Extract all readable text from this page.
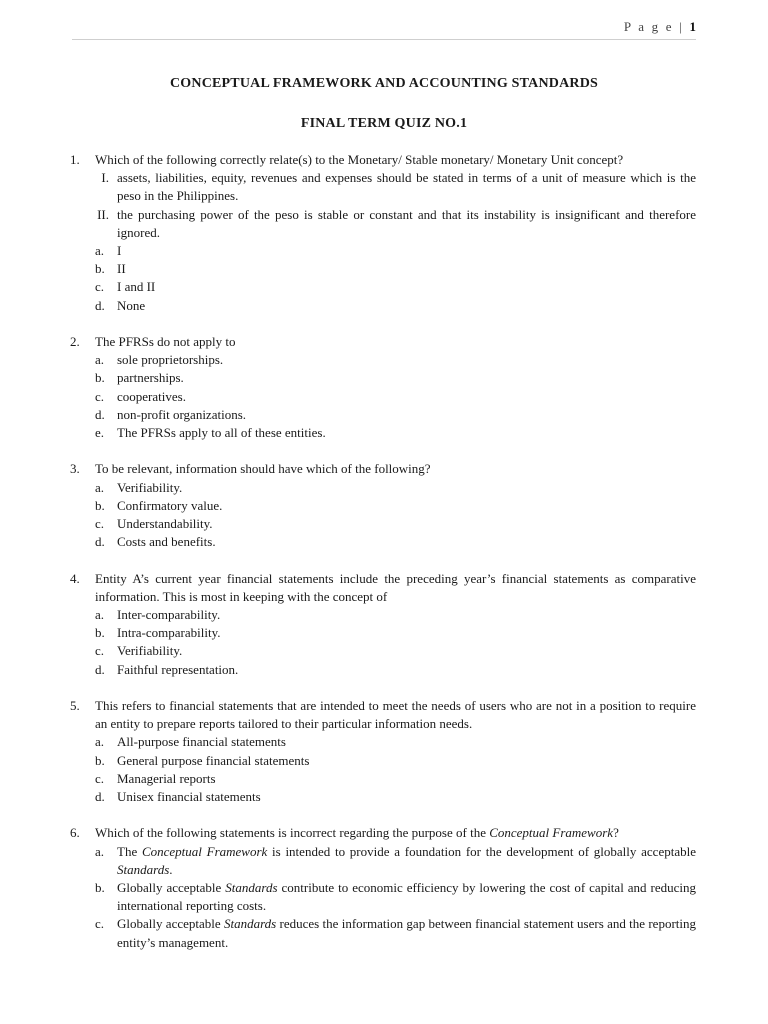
P a g e | 1
CONCEPTUAL FRAMEWORK AND ACCOUNTING STANDARDS
FINAL TERM QUIZ NO.1
1.	Which of the following correctly relate(s) to the Monetary/ Stable monetary/ Monetary Unit concept?
I. assets, liabilities, equity, revenues and expenses should be stated in terms of a unit of measure which is the peso in the Philippines.
II. the purchasing power of the peso is stable or constant and that its instability is insignificant and therefore ignored.
a. I
b. II
c. I and II
d. None
2.	The PFRSs do not apply to
a. sole proprietorships.
b. partnerships.
c. cooperatives.
d. non-profit organizations.
e. The PFRSs apply to all of these entities.
3.	To be relevant, information should have which of the following?
a. Verifiability.
b. Confirmatory value.
c. Understandability.
d. Costs and benefits.
4.	Entity A’s current year financial statements include the preceding year’s financial statements as comparative information. This is most in keeping with the concept of
a. Inter-comparability.
b. Intra-comparability.
c. Verifiability.
d. Faithful representation.
5.	This refers to financial statements that are intended to meet the needs of users who are not in a position to require an entity to prepare reports tailored to their particular information needs.
a. All-purpose financial statements
b. General purpose financial statements
c. Managerial reports
d. Unisex financial statements
6.	Which of the following statements is incorrect regarding the purpose of the Conceptual Framework?
a. The Conceptual Framework is intended to provide a foundation for the development of globally acceptable Standards.
b. Globally acceptable Standards contribute to economic efficiency by lowering the cost of capital and reducing international reporting costs.
c. Globally acceptable Standards reduces the information gap between financial statement users and the reporting entity’s management.
